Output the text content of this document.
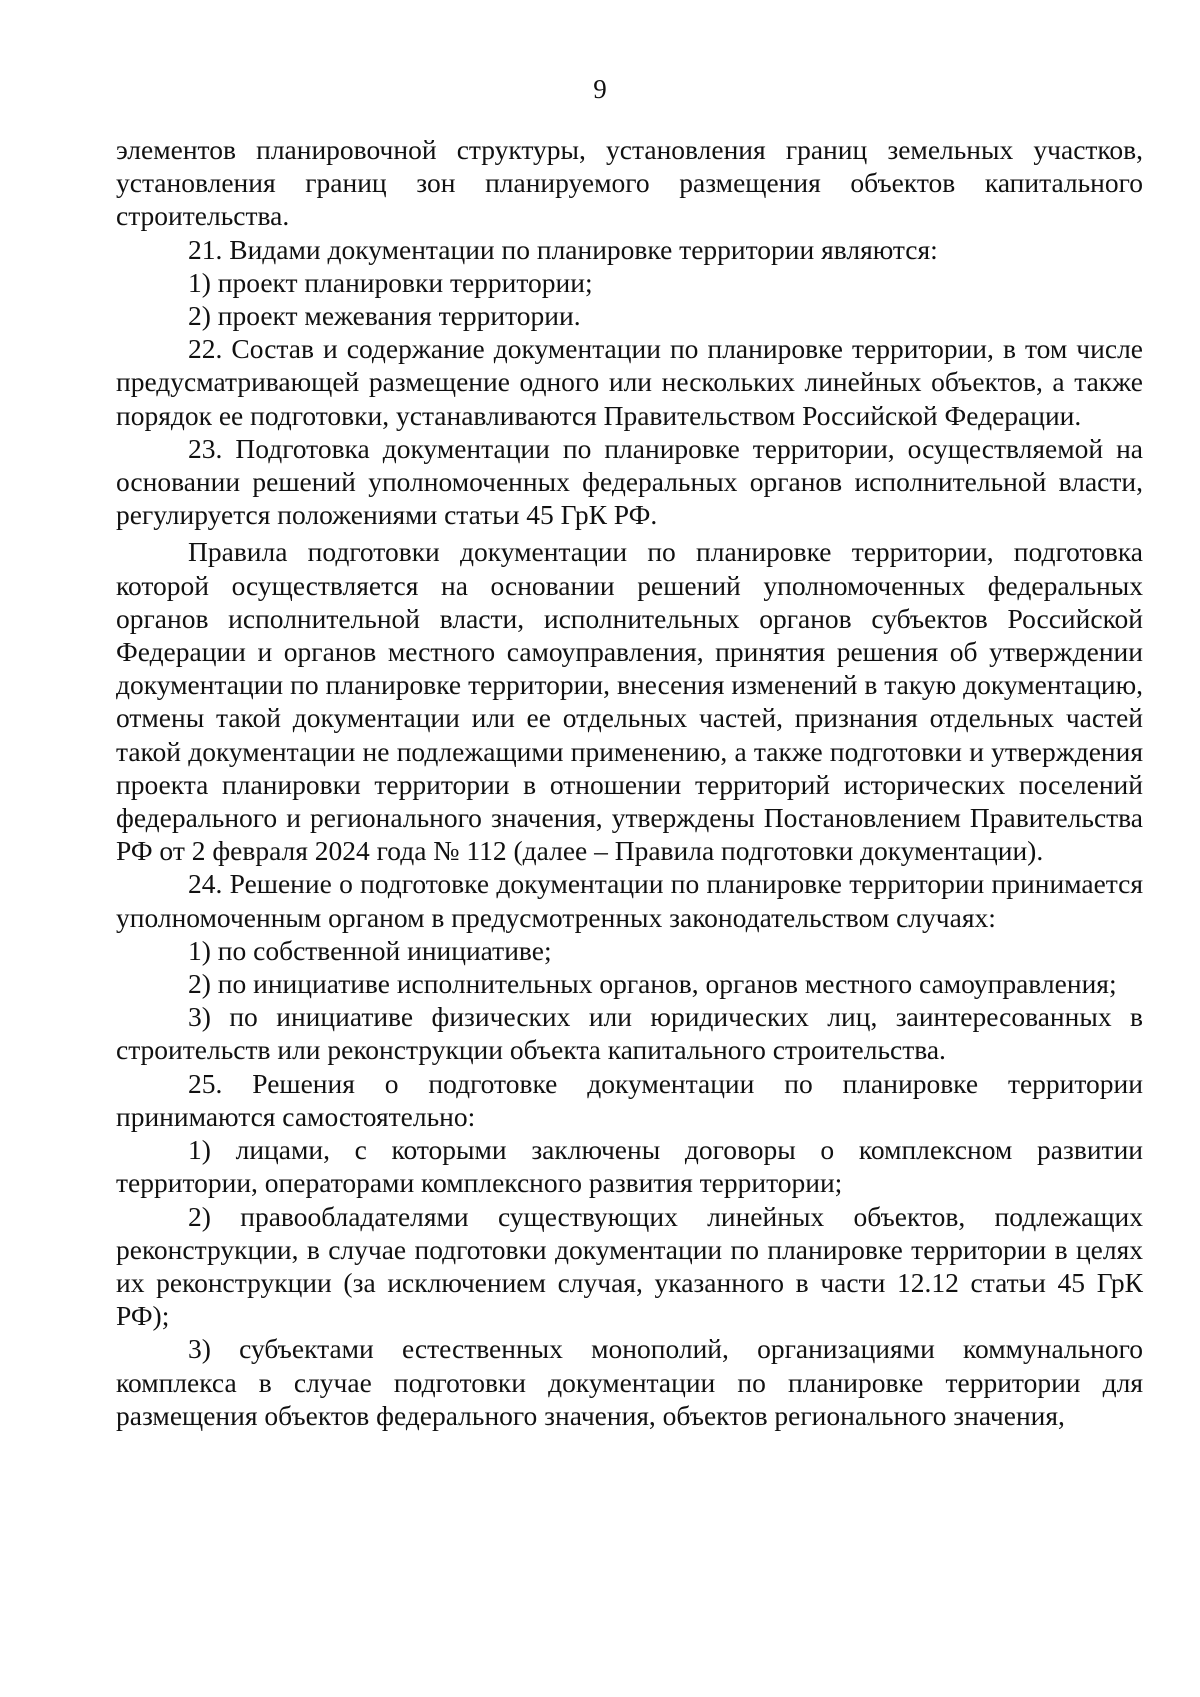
9

элементов планировочной структуры, установления границ земельных участков, установления границ зон планируемого размещения объектов капитального строительства.

21. Видами документации по планировке территории являются:

1) проект планировки территории;

2) проект межевания территории.

22. Состав и содержание документации по планировке территории, в том числе предусматривающей размещение одного или нескольких линейных объектов, а также порядок ее подготовки, устанавливаются Правительством Российской Федерации.

23. Подготовка документации по планировке территории, осуществляемой на основании решений уполномоченных федеральных органов исполнительной власти, регулируется положениями статьи 45 ГрК РФ.

Правила подготовки документации по планировке территории, подготовка которой осуществляется на основании решений уполномоченных федеральных органов исполнительной власти, исполнительных органов субъектов Российской Федерации и органов местного самоуправления, принятия решения об утверждении документации по планировке территории, внесения изменений в такую документацию, отмены такой документации или ее отдельных частей, признания отдельных частей такой документации не подлежащими применению, а также подготовки и утверждения проекта планировки территории в отношении территорий исторических поселений федерального и регионального значения, утверждены Постановлением Правительства РФ от 2 февраля 2024 года № 112 (далее – Правила подготовки документации).

24. Решение о подготовке документации по планировке территории принимается уполномоченным органом в предусмотренных законодательством случаях:

1) по собственной инициативе;

2) по инициативе исполнительных органов, органов местного самоуправления;

3) по инициативе физических или юридических лиц, заинтересованных в строительств или реконструкции объекта капитального строительства.

25. Решения о подготовке документации по планировке территории принимаются самостоятельно:

1) лицами, с которыми заключены договоры о комплексном развитии территории, операторами комплексного развития территории;

2) правообладателями существующих линейных объектов, подлежащих реконструкции, в случае подготовки документации по планировке территории в целях их реконструкции (за исключением случая, указанного в части 12.12 статьи 45 ГрК РФ);

3) субъектами естественных монополий, организациями коммунального комплекса в случае подготовки документации по планировке территории для размещения объектов федерального значения, объектов регионального значения,
